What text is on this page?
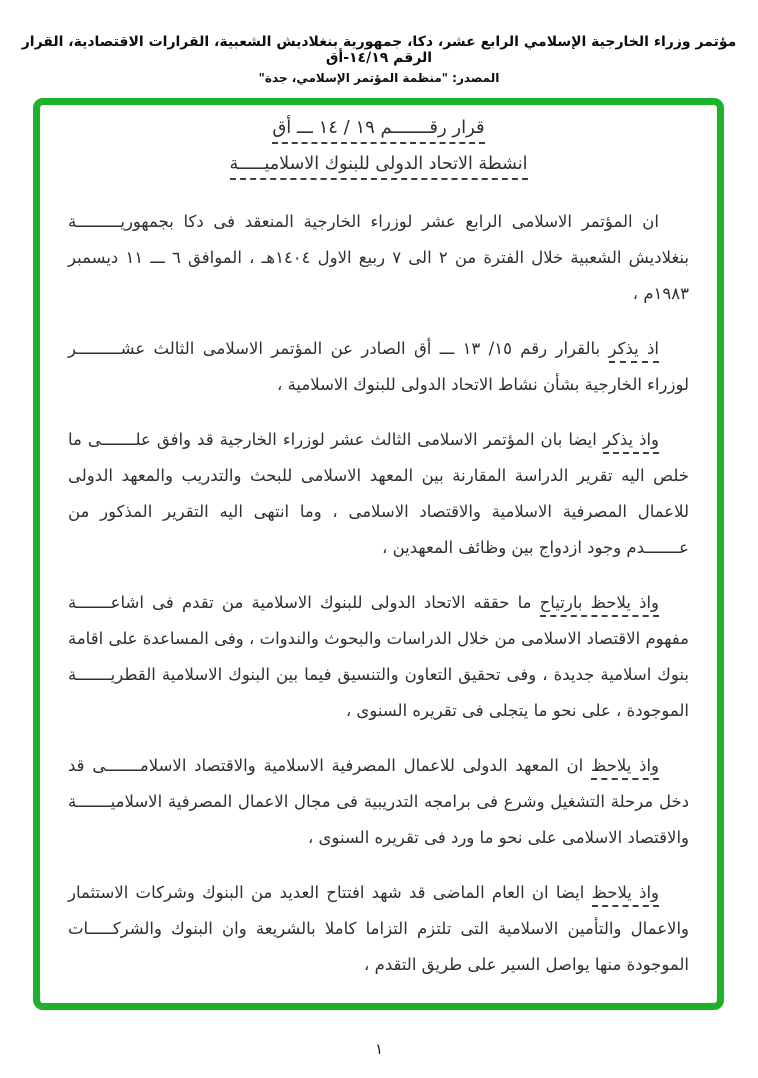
مؤتمر وزراء الخارجية الإسلامي الرابع عشر، دكا، جمهورية بنغلاديش الشعبية، القرارات الاقتصادية، القرار الرقم ١٤/١٩-أق
المصدر: "منظمة المؤتمر الإسلامي، جدة"
قرار رقـــــــم ١٩ / ١٤ ـــ أق
انشطة الاتحاد الدولى للبنوك الاسلاميـــــة

ان المؤتمر الاسلامى الرابع عشر لوزراء الخارجية المنعقد فى دكا بجمهوريـــــــــة بنغلاديش الشعبية خلال الفترة من ٢ الى ٧ ربيع الاول ١٤٠٤هـ ، الموافق ٦ ـــ ١١ ديسمبر ١٩٨٣م ،

اذ يذكر بالقرار رقم ١٥/ ١٣ ـــ أق الصادر عن المؤتمر الاسلامى الثالث عشـــــــــر لوزراء الخارجية بشأن نشاط الاتحاد الدولى للبنوك الاسلامية ،

واذ يذكر ايضا بان المؤتمر الاسلامى الثالث عشر لوزراء الخارجية قد وافق علـــــــى ما خلص اليه تقرير الدراسة المقارنة بين المعهد الاسلامى للبحث والتدريب والمعهد الدولى للاعمال المصرفية الاسلامية والاقتصاد الاسلامى ، وما انتهى اليه التقرير المذكور من عـــــــدم وجود ازدواج بين وظائف المعهدين ،

واذ يلاحظ بارتياح ما حققه الاتحاد الدولى للبنوك الاسلامية من تقدم فى اشاعـــــــة مفهوم الاقتصاد الاسلامى من خلال الدراسات والبحوث والندوات ، وفى المساعدة على اقامة بنوك اسلامية جديدة ، وفى تحقيق التعاون والتنسيق فيما بين البنوك الاسلامية القطريـــــــة الموجودة ، على نحو ما يتجلى فى تقريره السنوى ،

واذ يلاحظ ان المعهد الدولى للاعمال المصرفية الاسلامية والاقتصاد الاسلامـــــــى قد دخل مرحلة التشغيل وشرع فى برامجه التدريبية فى مجال الاعمال المصرفية الاسلاميـــــــة والاقتصاد الاسلامى على نحو ما ورد فى تقريره السنوى ،

واذ يلاحظ ايضا ان العام الماضى قد شهد افتتاح العديد من البنوك وشركات الاستثمار والاعمال والتأمين الاسلامية التى تلتزم التزاما كاملا بالشريعة وان البنوك والشركـــــات الموجودة منها يواصل السير على طريق التقدم ،

١
